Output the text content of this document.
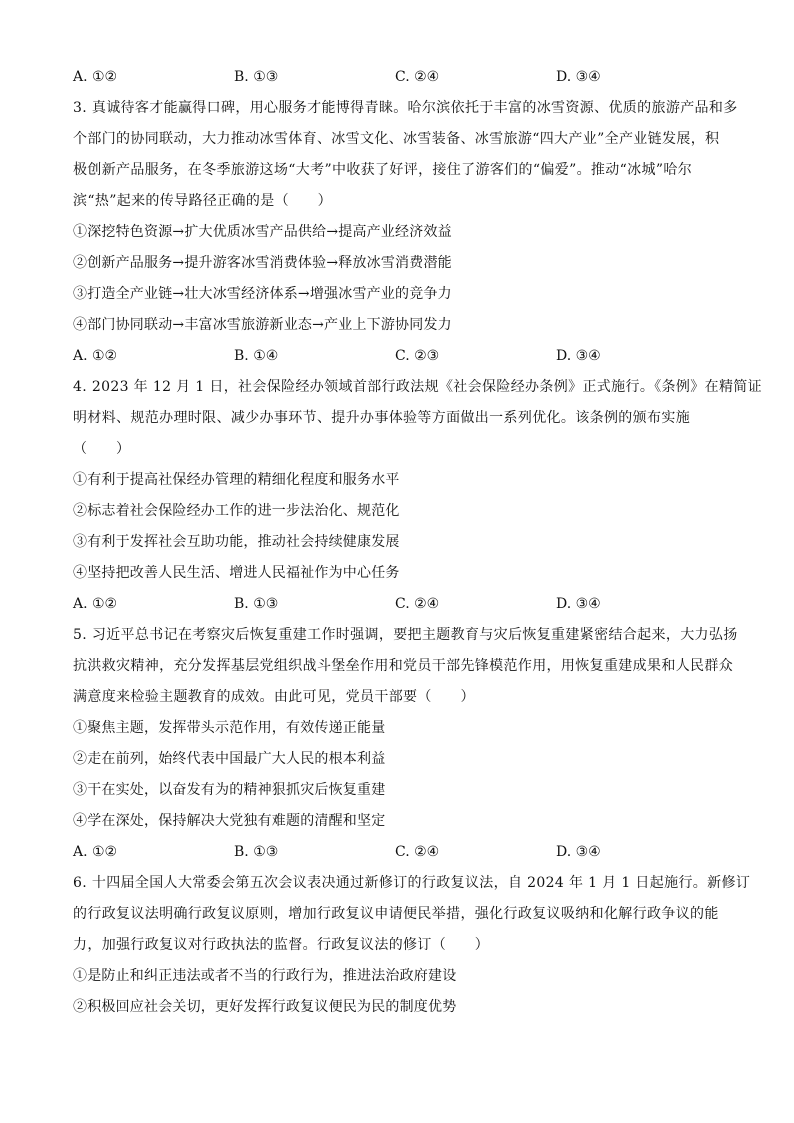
A. ①②	B. ①③	C. ②④	D. ③④
3. 真诚待客才能赢得口碑，用心服务才能博得青睐。哈尔滨依托于丰富的冰雪资源、优质的旅游产品和多
个部门的协同联动，大力推动冰雪体育、冰雪文化、冰雪装备、冰雪旅游“四大产业”全产业链发展，积
极创新产品服务，在冬季旅游这场“大考”中收获了好评，接住了游客们的“偏爱”。推动“冰城”哈尔
滨“热”起来的传导路径正确的是（　　）
①深挖特色资源→扩大优质冰雪产品供给→提高产业经济效益
②创新产品服务→提升游客冰雪消费体验→释放冰雪消费潜能
③打造全产业链→壮大冰雪经济体系→增强冰雪产业的竞争力
④部门协同联动→丰富冰雪旅游新业态→产业上下游协同发力
A. ①②	B. ①④	C. ②③	D. ③④
4. 2023 年 12 月 1 日，社会保险经办领域首部行政法规《社会保险经办条例》正式施行。《条例》在精简证
明材料、规范办理时限、减少办事环节、提升办事体验等方面做出一系列优化。该条例的颁布实施
（　　）
①有利于提高社保经办管理的精细化程度和服务水平
②标志着社会保险经办工作的进一步法治化、规范化
③有利于发挥社会互助功能，推动社会持续健康发展
④坚持把改善人民生活、增进人民福祉作为中心任务
A. ①②	B. ①③	C. ②④	D. ③④
5. 习近平总书记在考察灾后恢复重建工作时强调，要把主题教育与灾后恢复重建紧密结合起来，大力弘扬
抗洪救灾精神，充分发挥基层党组织战斗堡垒作用和党员干部先锋模范作用，用恢复重建成果和人民群众
满意度来检验主题教育的成效。由此可见，党员干部要（　　）
①聚焦主题，发挥带头示范作用，有效传递正能量
②走在前列，始终代表中国最广大人民的根本利益
③干在实处，以奋发有为的精神狠抓灾后恢复重建
④学在深处，保持解决大党独有难题的清醒和坚定
A. ①②	B. ①③	C. ②④	D. ③④
6. 十四届全国人大常委会第五次会议表决通过新修订的行政复议法，自 2024 年 1 月 1 日起施行。新修订
的行政复议法明确行政复议原则，增加行政复议申请便民举措，强化行政复议吸纳和化解行政争议的能
力，加强行政复议对行政执法的监督。行政复议法的修订（　　）
①是防止和纠正违法或者不当的行政行为，推进法治政府建设
②积极回应社会关切，更好发挥行政复议便民为民的制度优势
